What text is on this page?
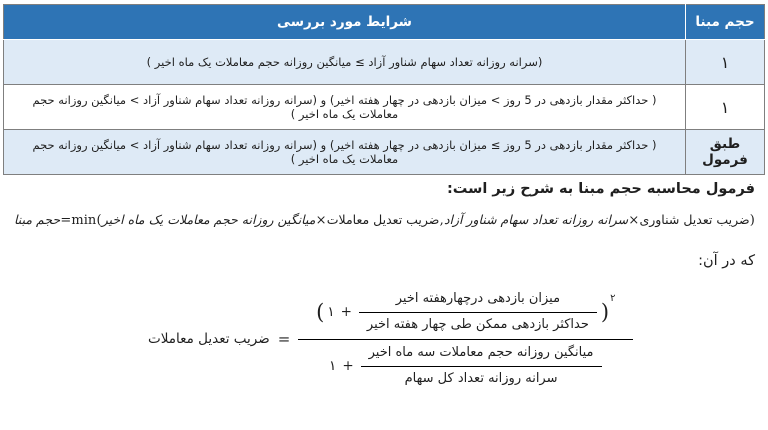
حجم مبنا	شرایط مورد بررسی
۱	(سرانه روزانه تعداد سهام شناور آزاد ≥ میانگین روزانه حجم معاملات یک ماه اخیر )
۱	( حداکثر مقدار بازدهی در 5 روز > میزان بازدهی در چهار هفته اخیر) و (سرانه روزانه تعداد سهام شناور آزاد > میانگین روزانه حجم معاملات یک ماه اخیر )
طبق فرمول	( حداکثر مقدار بازدهی در 5 روز ≥ میزان بازدهی در چهار هفته اخیر) و (سرانه روزانه تعداد سهام شناور آزاد > میانگین روزانه حجم معاملات یک ماه اخیر )
فرمول محاسبه حجم مبنا به شرح زیر است:
حجم مبنا = min ( میانگین روزانه حجم معاملات یک ماه اخیر × ضریب تعدیل معاملات , سرانه روزانه تعداد سهام شناور آزاد × ضریب تعدیل شناوری )
که در آن:
ضریب تعدیل معاملات =
( ۱ + $\frac{\text{میزان بازدهی درچهارهفته اخیر}}{\text{حداکثر بازدهی ممکن طی چهار هفته اخیر}}$ )
۲
۱ + $\frac{\text{میانگین روزانه حجم معاملات سه ماه اخیر}}{\text{سرانه روزانه تعداد کل سهام}}$
